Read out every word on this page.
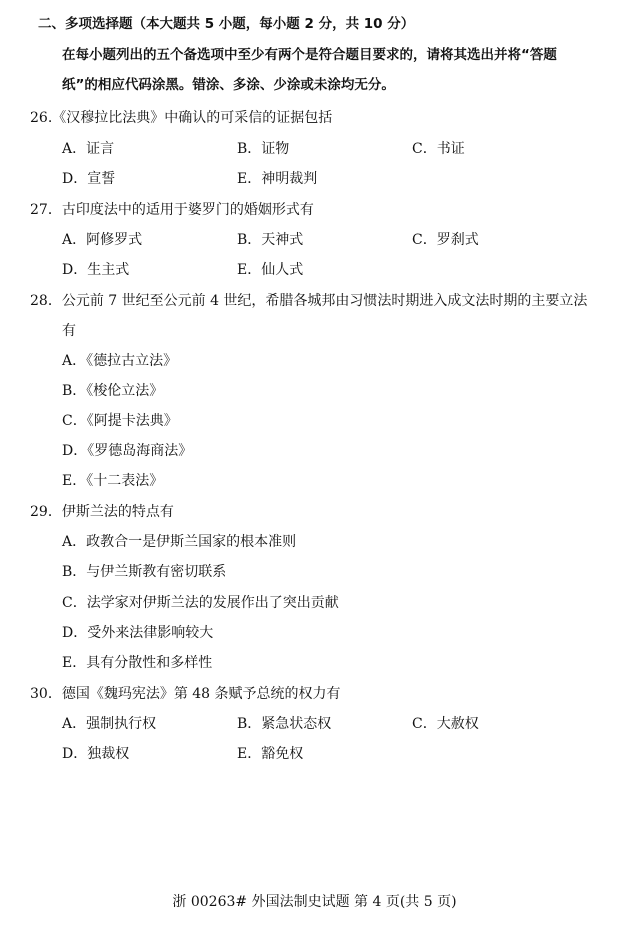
二、多项选择题（本大题共 5 小题，每小题 2 分，共 10 分）
在每小题列出的五个备选项中至少有两个是符合题目要求的，请将其选出并将“答题
纸”的相应代码涂黑。错涂、多涂、少涂或未涂均无分。
26.《汉穆拉比法典》中确认的可采信的证据包括
A．证言	B．证物	C．书证
D．宣誓	E．神明裁判
27．古印度法中的适用于婆罗门的婚姻形式有
A．阿修罗式	B．天神式	C．罗刹式
D．生主式	E．仙人式
28．公元前 7 世纪至公元前 4 世纪，希腊各城邦由习惯法时期进入成文法时期的主要立法
有
A．《德拉古立法》
B．《梭伦立法》
C．《阿提卡法典》
D．《罗德岛海商法》
E．《十二表法》
29．伊斯兰法的特点有
A．政教合一是伊斯兰国家的根本准则
B．与伊兰斯教有密切联系
C．法学家对伊斯兰法的发展作出了突出贡献
D．受外来法律影响较大
E．具有分散性和多样性
30．德国《魏玛宪法》第 48 条赋予总统的权力有
A．强制执行权	B．紧急状态权	C．大赦权
D．独裁权	E．豁免权
浙 00263# 外国法制史试题 第 4 页(共 5 页)
